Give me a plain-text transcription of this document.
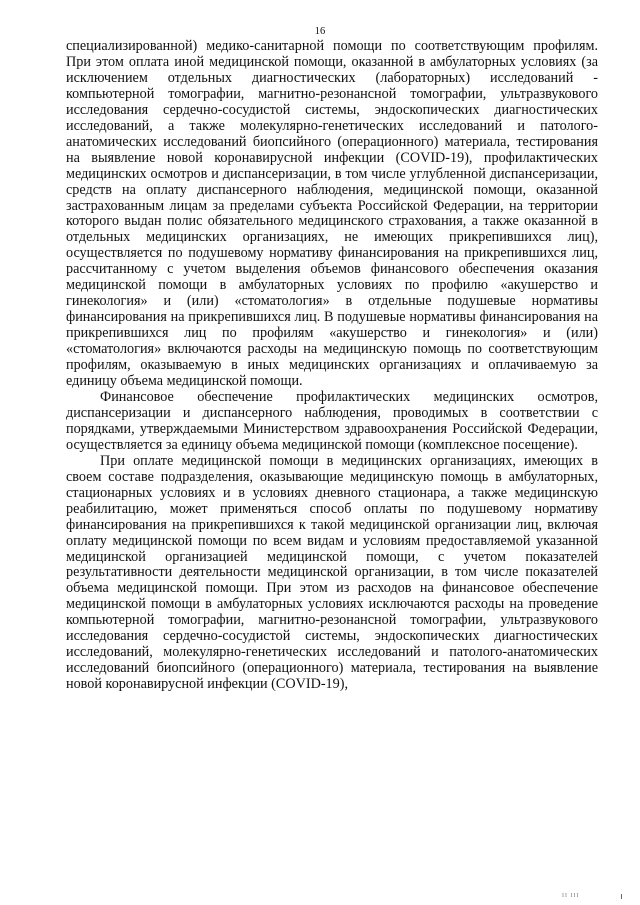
16

специализированной) медико-санитарной помощи по соответствующим профилям. При этом оплата иной медицинской помощи, оказанной в амбулаторных условиях (за исключением отдельных диагностических (лабораторных) исследований - компьютерной томографии, магнитно-резонансной томографии, ультразвукового исследования сердечно-сосудистой системы, эндоскопических диагностических исследований, а также молекулярно-генетических исследований и патолого-анатомических исследований биопсийного (операционного) материала, тестирования на выявление новой коронавирусной инфекции (COVID-19), профилактических медицинских осмотров и диспансеризации, в том числе углубленной диспансеризации, средств на оплату диспансерного наблюдения, медицинской помощи, оказанной застрахованным лицам за пределами субъекта Российской Федерации, на территории которого выдан полис обязательного медицинского страхования, а также оказанной в отдельных медицинских организациях, не имеющих прикрепившихся лиц), осуществляется по подушевому нормативу финансирования на прикрепившихся лиц, рассчитанному с учетом выделения объемов финансового обеспечения оказания медицинской помощи в амбулаторных условиях по профилю «акушерство и гинекология» и (или) «стоматология» в отдельные подушевые нормативы финансирования на прикрепившихся лиц. В подушевые нормативы финансирования на прикрепившихся лиц по профилям «акушерство и гинекология» и (или) «стоматология» включаются расходы на медицинскую помощь по соответствующим профилям, оказываемую в иных медицинских организациях и оплачиваемую за единицу объема медицинской помощи.

Финансовое обеспечение профилактических медицинских осмотров, диспансеризации и диспансерного наблюдения, проводимых в соответствии с порядками, утверждаемыми Министерством здравоохранения Российской Федерации, осуществляется за единицу объема медицинской помощи (комплексное посещение).

При оплате медицинской помощи в медицинских организациях, имеющих в своем составе подразделения, оказывающие медицинскую помощь в амбулаторных, стационарных условиях и в условиях дневного стационара, а также медицинскую реабилитацию, может применяться способ оплаты по подушевому нормативу финансирования на прикрепившихся к такой медицинской организации лиц, включая оплату медицинской помощи по всем видам и условиям предоставляемой указанной медицинской организацией медицинской помощи, с учетом показателей результативности деятельности медицинской организации, в том числе показателей объема медицинской помощи. При этом из расходов на финансовое обеспечение медицинской помощи в амбулаторных условиях исключаются расходы на проведение компьютерной томографии, магнитно-резонансной томографии, ультразвукового исследования сердечно-сосудистой системы, эндоскопических диагностических исследований, молекулярно-генетических исследований и патолого-анатомических исследований биопсийного (операционного) материала, тестирования на выявление новой коронавирусной инфекции (COVID-19),

II III
